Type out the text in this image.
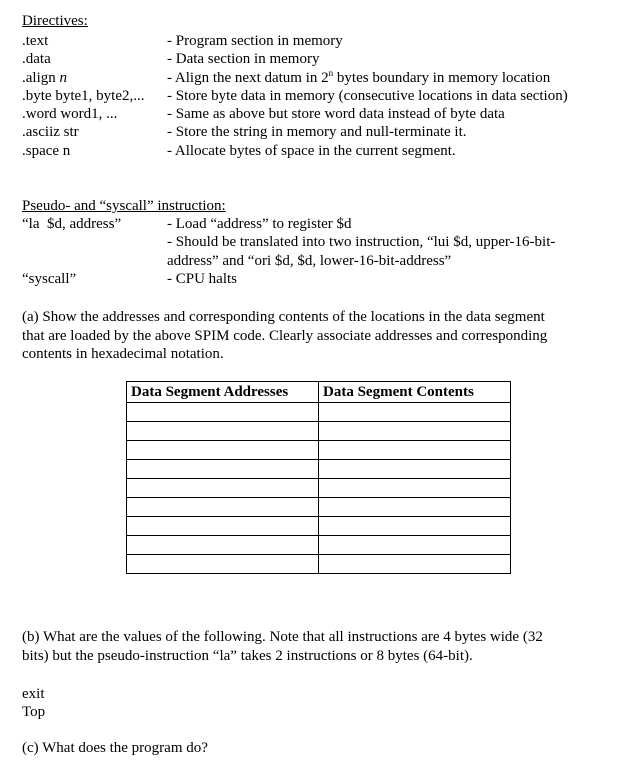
Directives:
.text	- Program section in memory
.data	- Data section in memory
.align n	- Align the next datum in 2$^n$ bytes boundary in memory location
.byte byte1, byte2,... - Store byte data in memory (consecutive locations in data section)
.word word1, ...	- Same as above but store word data instead of byte data
.asciiz str	- Store the string in memory and null-terminate it.
.space n	- Allocate bytes of space in the current segment.
Pseudo- and “syscall” instruction:
“la  $d, address”	- Load “address” to register $d
- Should be translated into two instruction, “lui $d, upper-16-bit-
address” and “ori $d, $d, lower-16-bit-address”
“syscall”	- CPU halts
(a) Show the addresses and corresponding contents of the locations in the data segment
that are loaded by the above SPIM code. Clearly associate addresses and corresponding
contents in hexadecimal notation.
Data Segment Addresses	Data Segment Contents

(b) What are the values of the following. Note that all instructions are 4 bytes wide (32
bits) but the pseudo-instruction “la” takes 2 instructions or 8 bytes (64-bit).
exit
Top
(c) What does the program do?
